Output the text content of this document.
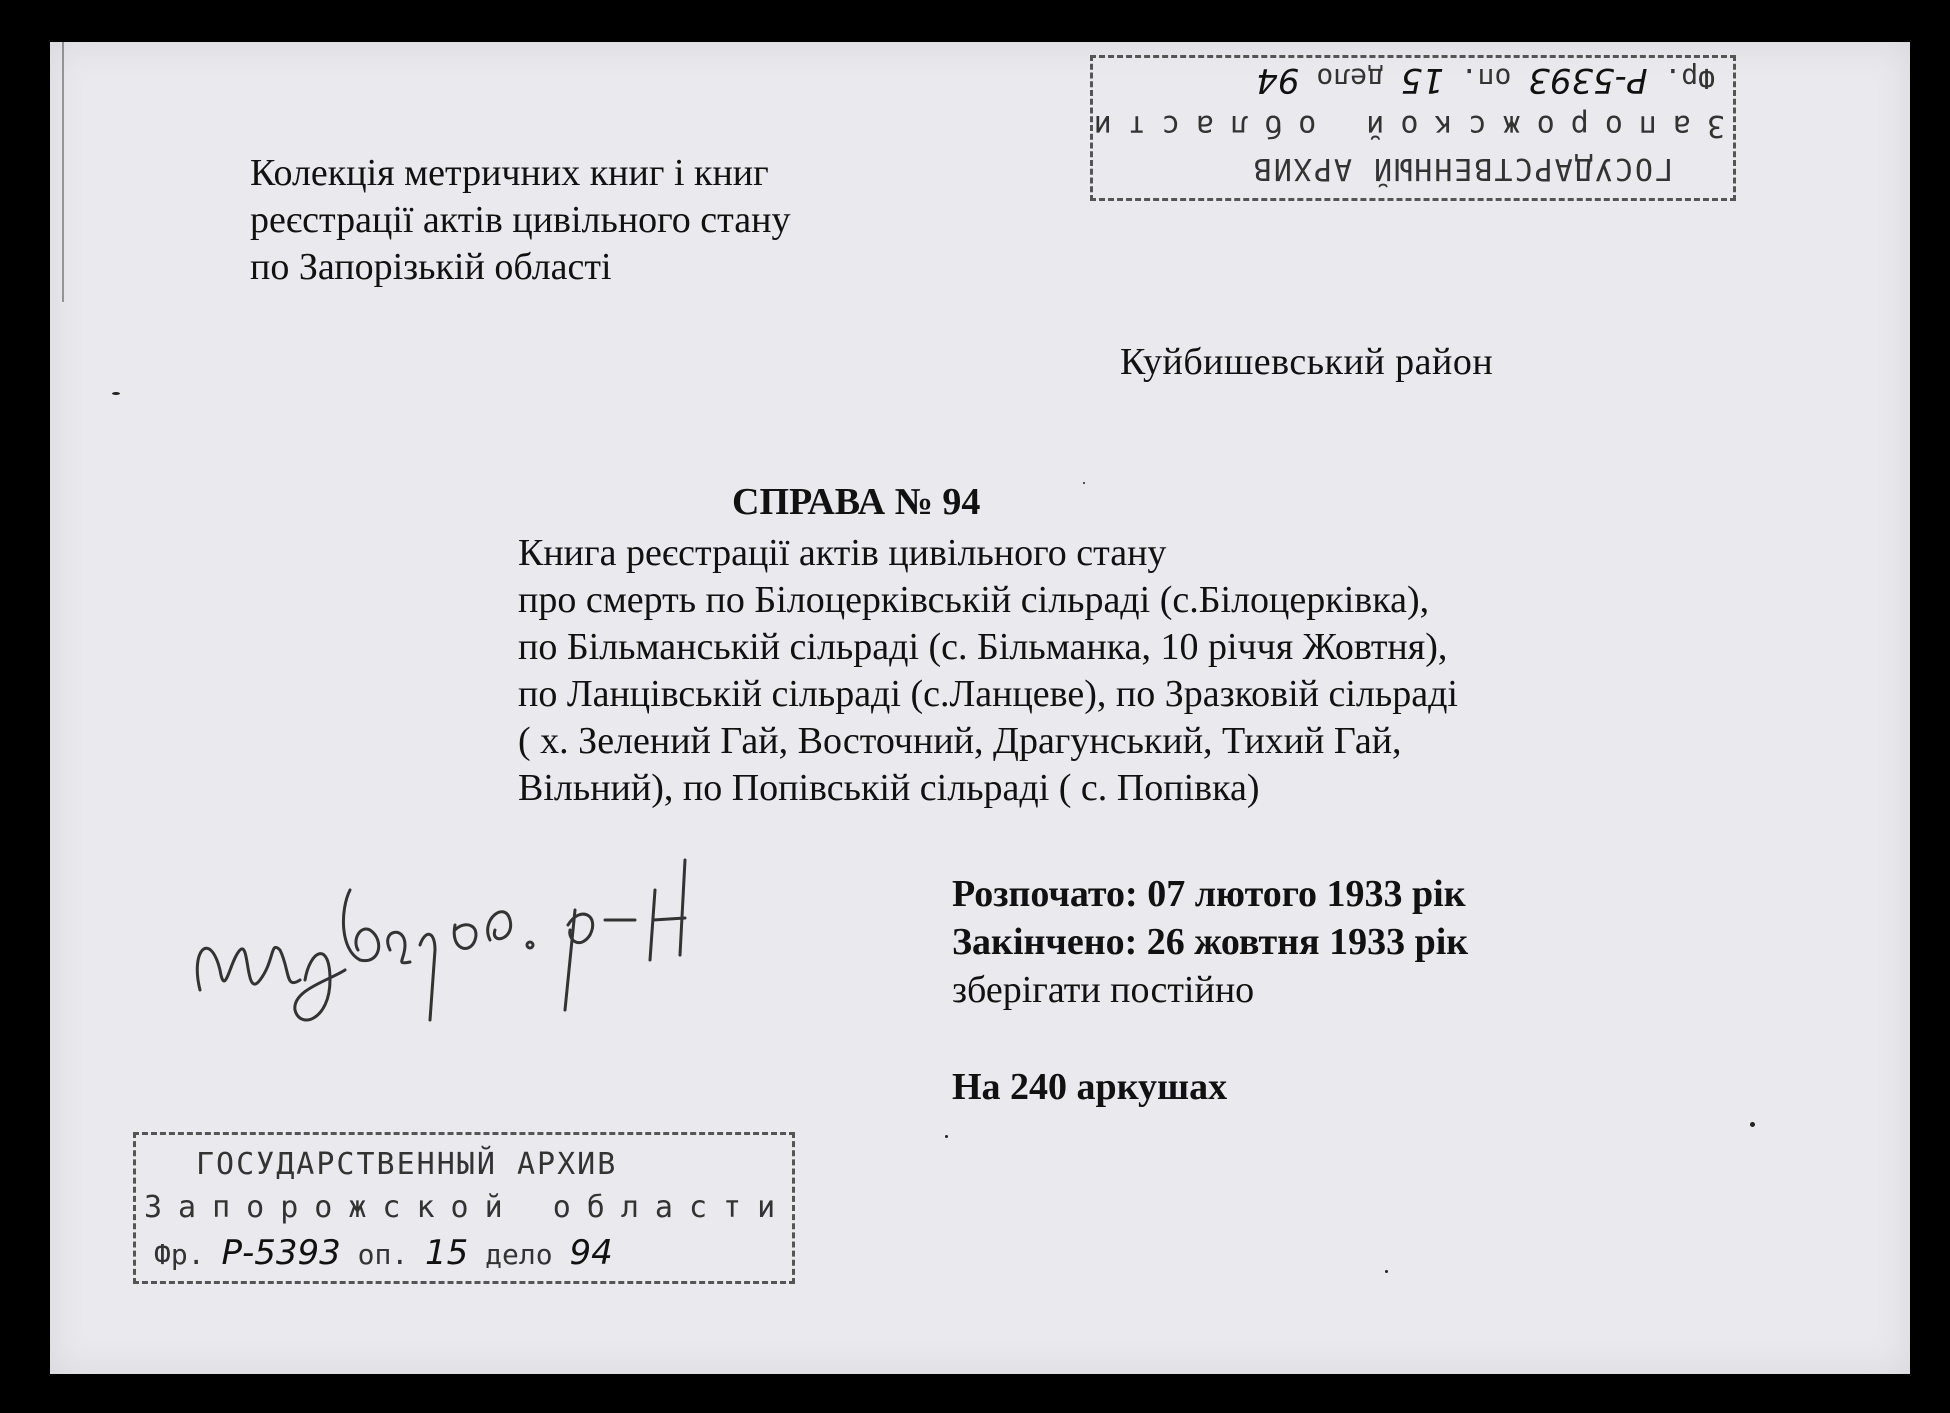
Колекція метричних книг і книг
реєстрації актів цивільного стану
по Запорізькій області
Куйбишевський район
СПРАВА № 94
Книга реєстрації актів цивільного стану
про смерть по Білоцерківській сільраді (с.Білоцерківка),
по Більманській сільраді (с. Більманка, 10 річчя Жовтня),
по Ланцівській сільраді (с.Ланцеве), по Зразковій сільраді
( х. Зелений Гай, Восточний, Драгунський, Тихий Гай,
Вільний), по Попівській сільраді ( с. Попівка)
Розпочато: 07 лютого 1933 рік
Закінчено: 26 жовтня 1933 рік
зберігати постійно
На 240 аркушах
ГОСУДАРСТВЕННЫЙ АРХИВ
Запорожской области
Фр. Р-5393 оп. 15 дело 94
ГОСУДАРСТВЕННЫЙ АРХИВ
Запорожской области
Фр. Р-5393 оп. 15 дело 94
